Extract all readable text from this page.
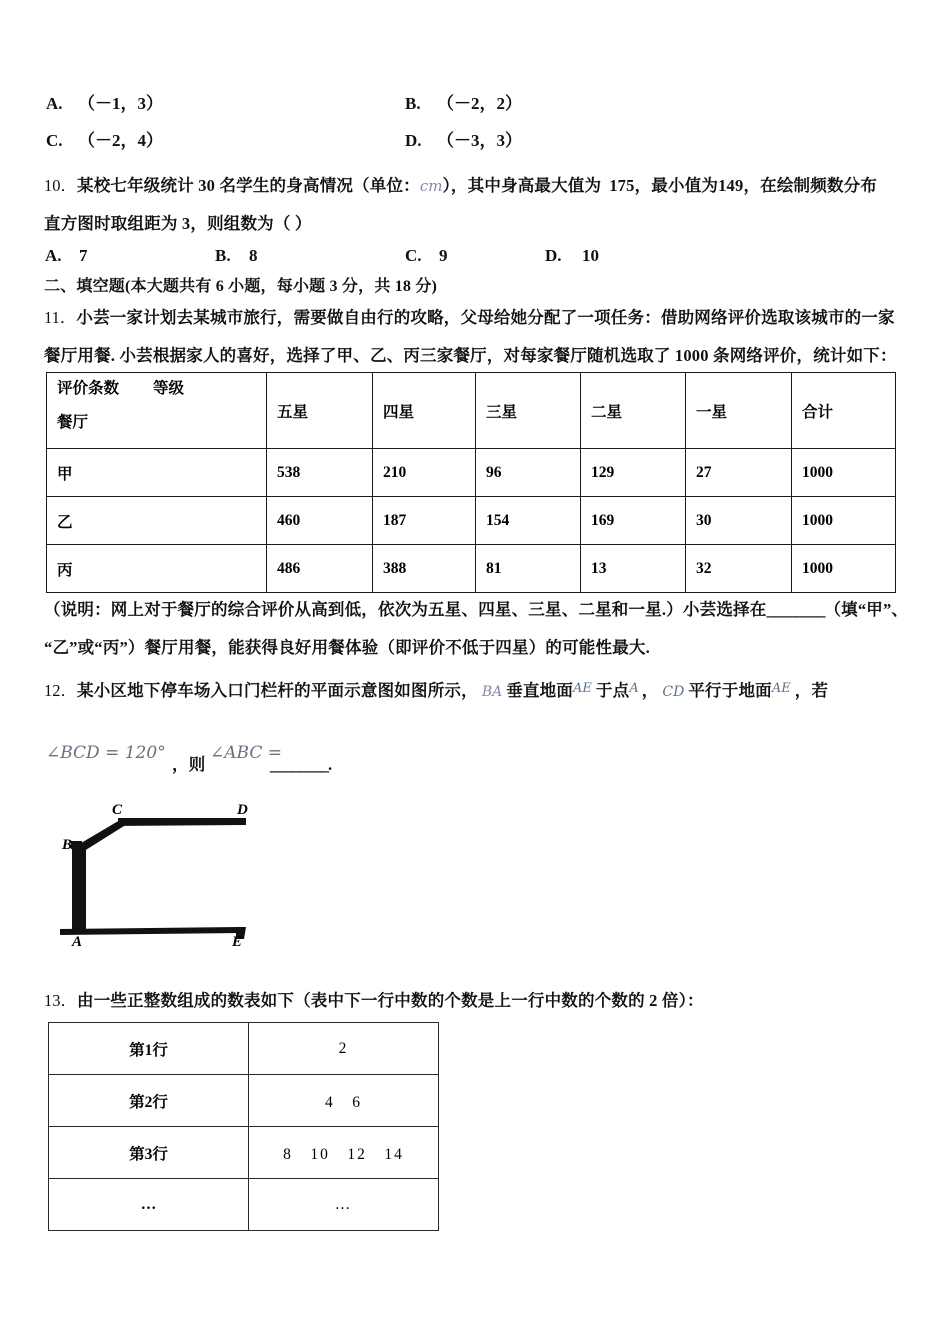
A. （－1，3）	B. （－2，2）
C. （－2，4）	D. （－3，3）
10．某校七年级统计 30 名学生的身高情况（单位：cm），其中身高最大值为 175，最小值为149，在绘制频数分布
直方图时取组距为 3，则组数为（ ）
A. 7	B. 8	C. 9	D. 10
二、填空题(本大题共有 6 小题，每小题 3 分，共 18 分)
11．小芸一家计划去某城市旅行，需要做自由行的攻略，父母给她分配了一项任务：借助网络评价选取该城市的一家
餐厅用餐. 小芸根据家人的喜好，选择了甲、乙、丙三家餐厅，对每家餐厅随机选取了 1000 条网络评价，统计如下：
评价条数 等级
餐厅	五星	四星	三星	二星	一星	合计
甲	538	210	96	129	27	1000
乙	460	187	154	169	30	1000
丙	486	388	81	13	32	1000
（说明：网上对于餐厅的综合评价从高到低，依次为五星、四星、三星、二星和一星.）小芸选择在________（填“甲”、
“乙”或“丙”）餐厅用餐，能获得良好用餐体验（即评价不低于四星）的可能性最大.
12．某小区地下停车场入口门栏杆的平面示意图如图所示， BA 垂直地面$^{AE}$ 于点$^A$ ， CD 平行于地面$^{AE}$ ，若
∠BCD = 120°
，则
∠ABC =
________.
B
C	D
A	E
13．由一些正整数组成的数表如下（表中下一行中数的个数是上一行中数的个数的 2 倍）：
第1行	2
第2行	4　6
第3行	8　10　12　14
…	…
